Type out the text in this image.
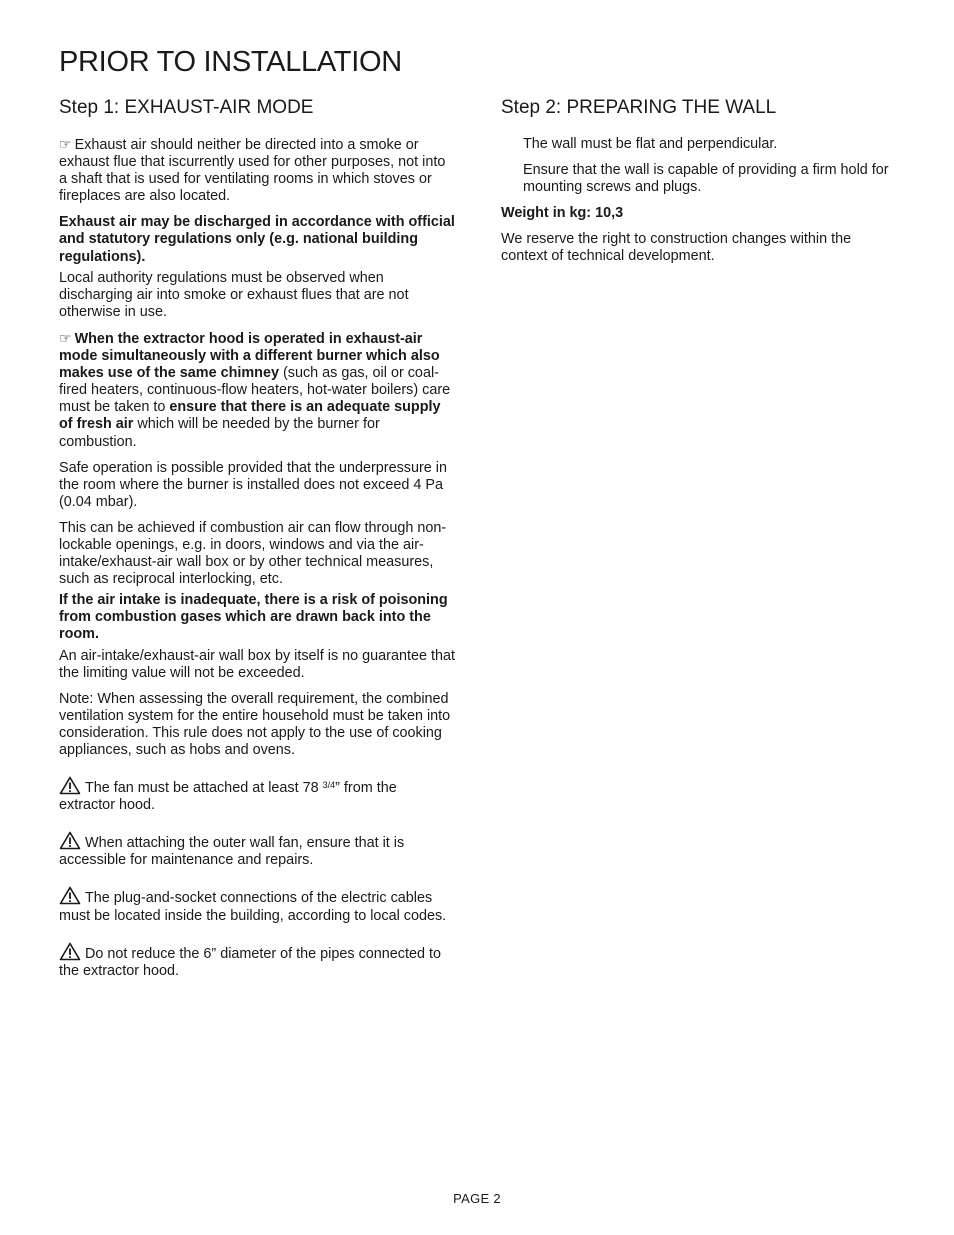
PRIOR TO INSTALLATION
Step 1: EXHAUST-AIR MODE

☞ Exhaust air should neither be directed into a smoke or exhaust flue that iscurrently used for other purposes, not into a shaft that is used for ventilating rooms in which stoves or fireplaces are also located.

Exhaust air may be discharged in accordance with official and statutory regulations only (e.g. national building regulations).

Local authority regulations must be observed when discharging air into smoke or exhaust flues that are not otherwise in use.

☞ When the extractor hood is operated in exhaust-air mode simultaneously with a different burner which also makes use of the same chimney (such as gas, oil or coal-fired heaters, continuous-flow heaters, hot-water boilers) care must be taken to ensure that there is an adequate supply of fresh air which will be needed by the burner for combustion.

Safe operation is possible provided that the underpressure in the room where the burner is installed does not exceed 4 Pa (0.04 mbar).

This can be achieved if combustion air can flow through non-lockable openings, e.g. in doors, windows and via the air-intake/exhaust-air wall box or by other technical measures, such as reciprocal interlocking, etc.

If the air intake is inadequate, there is a risk of poisoning from combustion gases which are drawn back into the room.

An air-intake/exhaust-air wall box by itself is no guarantee that the limiting value will not be exceeded.

Note: When assessing the overall requirement, the combined ventilation system for the entire household must be taken into consideration. This rule does not apply to the use of cooking appliances, such as hobs and ovens.

The fan must be attached at least 78 $^{3/4}$” from the extractor hood.

When attaching the outer wall fan, ensure that it is accessible for maintenance and repairs.

The plug-and-socket connections of the electric cables must be located inside the building, according to local codes.

Do not reduce the 6” diameter of the pipes connected to the extractor hood.

Step 2: PREPARING THE WALL

The wall must be flat and perpendicular.

Ensure that the wall is capable of providing a firm hold for mounting screws and plugs.

Weight in kg: 10,3

We reserve the right to construction changes within the context of technical development.

PAGE 2
